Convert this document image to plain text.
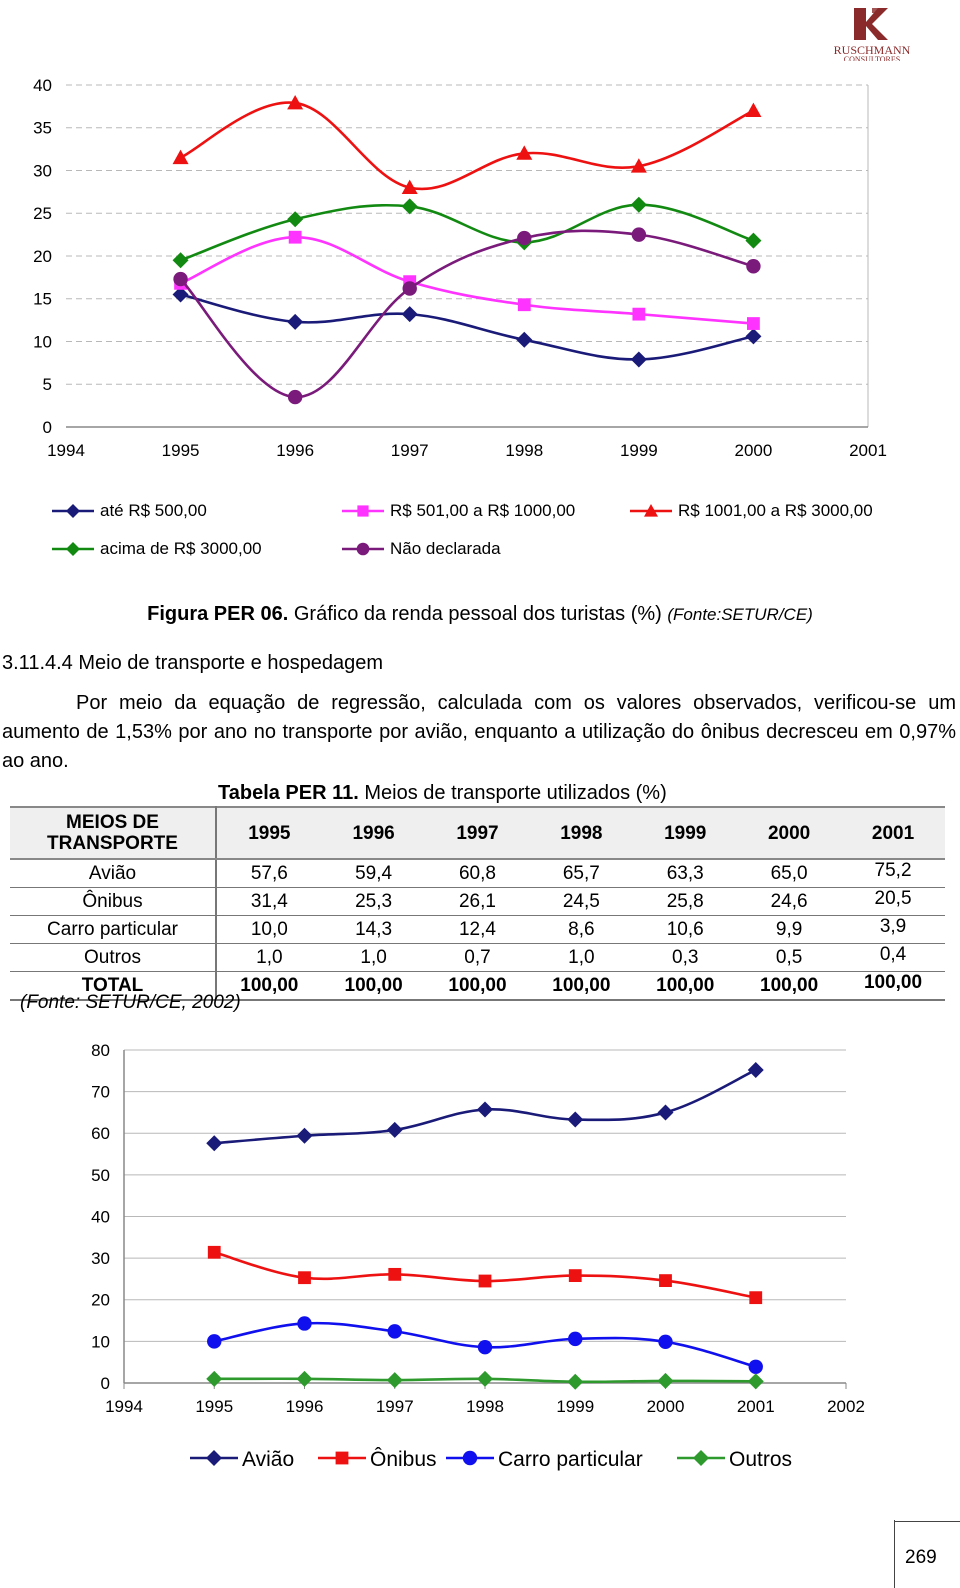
RUSCHMANN
CONSULTORES
0
5
10
15
20
25
30
35
40
1994	1995	1996	1997	1998	1999	2000	2001
até R$ 500,00	R$ 501,00 a R$ 1000,00	R$ 1001,00 a R$ 3000,00
acima de R$ 3000,00	Não declarada
Figura PER 06. Gráfico da renda pessoal dos turistas (%) (Fonte:SETUR/CE)
3.11.4.4 Meio de transporte e hospedagem
Por meio da equação de regressão, calculada com os valores observados, verificou-se um aumento de 1,53% por ano no transporte por avião, enquanto a utilização do ônibus decresceu em 0,97% ao ano.
Tabela PER 11. Meios de transporte utilizados (%)
MEIOS DE
TRANSPORTE	1995	1996	1997	1998	1999	2000	2001
Avião	57,6	59,4	60,8	65,7	63,3	65,0	75,2
Ônibus	31,4	25,3	26,1	24,5	25,8	24,6	20,5
Carro particular	10,0	14,3	12,4	8,6	10,6	9,9	3,9
Outros	1,0	1,0	0,7	1,0	0,3	0,5	0,4
TOTAL	100,00	100,00	100,00	100,00	100,00	100,00	100,00
(Fonte: SETUR/CE, 2002)
0
10
20
30
40
50
60
70
80
1994	1995	1996	1997	1998	1999	2000	2001	2002
Avião	Ônibus	Carro particular	Outros
269
